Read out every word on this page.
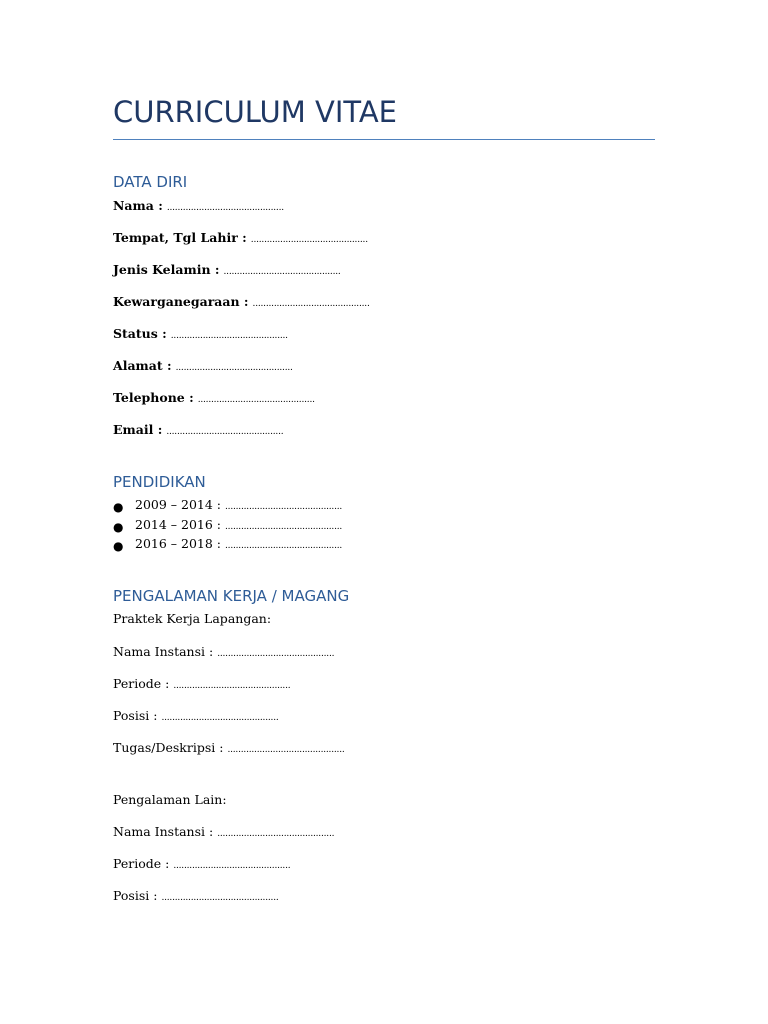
CURRICULUM VITAE
DATA DIRI
Nama : ............................................
Tempat, Tgl Lahir : ............................................
Jenis Kelamin : ............................................
Kewarganegaraan : ............................................
Status : ............................................
Alamat : ............................................
Telephone : ............................................
Email : ............................................
PENDIDIKAN
● 2009 – 2014 : ............................................
● 2014 – 2016 : ............................................
● 2016 – 2018 : ............................................
PENGALAMAN KERJA / MAGANG
Praktek Kerja Lapangan:
Nama Instansi : ............................................
Periode : ............................................
Posisi : ............................................
Tugas/Deskripsi : ............................................
Pengalaman Lain:
Nama Instansi : ............................................
Periode : ............................................
Posisi : ............................................
